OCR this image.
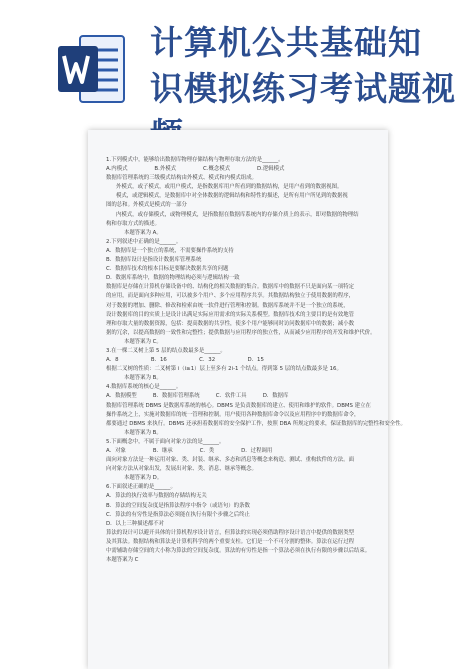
计算机公共基础知
识模拟练习考试题视

1.下列模式中，能够给出数据库物理存储结构与物理存取方法的是______。

A.内模式　　　　　B.外模式　　　　　C.概念模式　　　　　D.逻辑模式

数据库管理系统的三级模式结构由外模式、模式和内模式组成。

外模式，或子模式，或用户模式，是指数据库用户所看到的数据结构，是用户看到的数据视图。

模式，或逻辑模式，是数据库中对全体数据的逻辑结构和特性的描述，是所有用户所见到的数据视

图的总和。外模式是模式的一部分

内模式，或存储模式，或物理模式，是指数据在数据库系统内的存储介质上的表示，即对数据的物理结

构和存取方式的描述。

本题答案为 A。

2.下列叙述中正确的是______。

A．数据库是一个独立的系统，不需要操作系统的支持

B．数据库设计是指设计数据库管理系统

C．数据库技术的根本目标是要解决数据共享的问题

D．数据库系统中，数据的物理结构必须与逻辑结构一致

数据库是存储在计算机存储设备中的、结构化的相关数据的集合。数据库中的数据不只是面向某一项特定

的应用，而是面向多种应用，可以被多个用户、多个应用程序共享。其数据结构独立于使用数据的程序，

对于数据的增加、删除、修改和检索由统一软件进行管理和控制。数据库系统并不是一个独立的系统，

设计数据库的目的实质上是设计出满足实际应用需求的实际关系模型。数据库技术的主要目的是有效地管

理和存取大量的数据资源，包括：提高数据的共享性，使多个用户能够同时访问数据库中的数据；减小数

据的冗余，以提高数据的一致性和完整性；提供数据与应用程序的独立性，从而减少应用程序的开发和维护代价。

本题答案为 C。

3.在一棵二叉树上第 5 层的结点数最多是______。

A．8　　　　　　B．16　　　　　　C．32　　　　　　D．15

根据二叉树的性质：二叉树第 i（i≥1）层上至多有 2i-1 个结点。得到第 5 层的结点数最多是 16。

本题答案为 B。

4.数据库系统的核心是______。

A．数据模型　　　B．数据库管理系统　　　C．软件工具　　　D．数据库

数据库管理系统 DBMS 是数据库系统的核心。DBMS 是负责数据库的建立、使用和维护的软件。DBMS 建立在

操作系统之上，实施对数据库的统一管理和控制。用户使用各种数据库命令以及应用程序中的数据库命令，

都要通过 DBMS 来执行。DBMS 还承担着数据库的安全保护工作，按照 DBA 所规定的要求，保证数据库的完整性和安全性。

本题答案为 B。

5.下面概念中，不属于面向对象方法的是______。

A．对象　　　　　B．继承　　　　　C．类　　　　　D．过程调用

面向对象方法是一种运用对象、类、封装、继承、多态和消息等概念来构造、测试、重构软件的方法。面

向对象方法从对象出发，发展出对象、类、消息、继承等概念。

本题答案为 D。

6.下面叙述正确的是______。

A．算法的执行效率与数据的存储结构无关

B．算法的空间复杂度是指算法程序中指令（或语句）的条数

C．算法的有穷性是指算法必须能在执行有限个步骤之后终止

D．以上三种描述都不对

算法的设计可以避开具体的计算机程序设计语言，但算法的实现必须借助程序设计语言中提供的数据类型

及其算法。数据结构和算法是计算机科学的两个重要支柱。它们是一个不可分割的整体。算法在运行过程

中需辅助存储空间的大小称为算法的空间复杂度。算法的有穷性是指一个算法必须在执行有限的步骤以后结束。

本题答案为 C
